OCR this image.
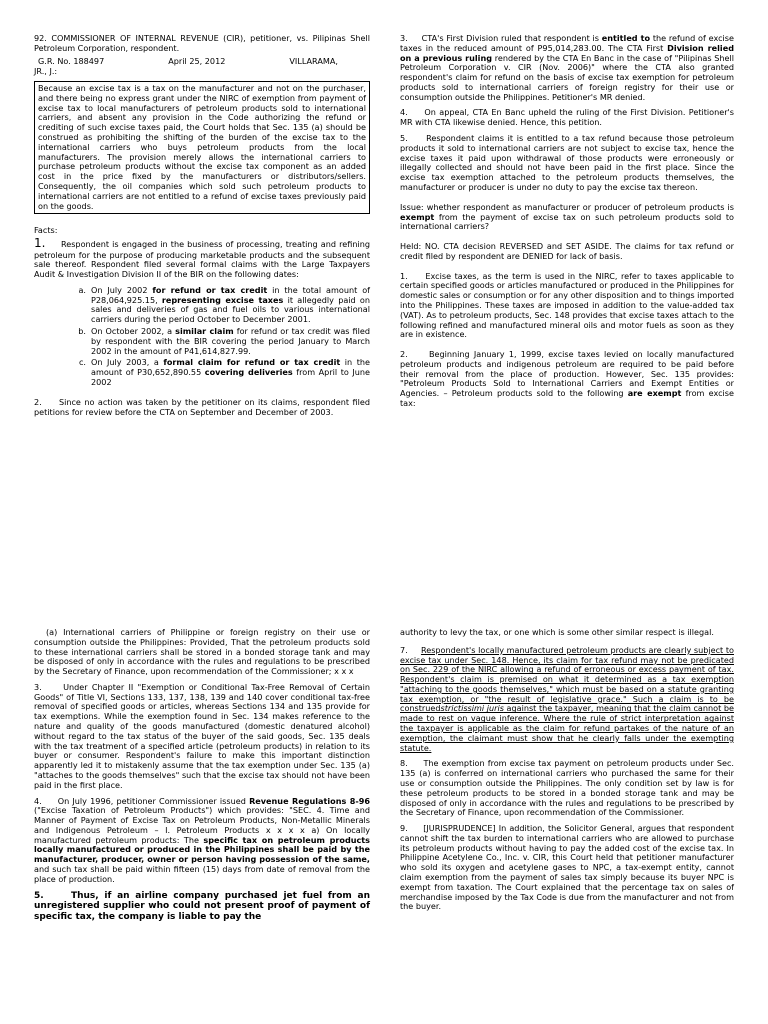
92. COMMISSIONER OF INTERNAL REVENUE (CIR), petitioner, vs. Pilipinas Shell Petroleum Corporation, respondent.

G.R. No. 188497	April 25, 2012	VILLARAMA,

JR., J.:

Because an excise tax is a tax on the manufacturer and not on the purchaser, and there being no express grant under the NIRC of exemption from payment of excise tax to local manufacturers of petroleum products sold to international carriers, and absent any provision in the Code authorizing the refund or crediting of such excise taxes paid, the Court holds that Sec. 135 (a) should be construed as prohibiting the shifting of the burden of the excise tax to the international carriers who buys petroleum products from the local manufacturers. The provision merely allows the international carriers to purchase petroleum products without the excise tax component as an added cost in the price fixed by the manufacturers or distributors/sellers. Consequently, the oil companies which sold such petroleum products to international carriers are not entitled to a refund of excise taxes previously paid on the goods.

Facts:

1. Respondent is engaged in the business of processing, treating and refining petroleum for the purpose of producing marketable products and the subsequent sale thereof. Respondent filed several formal claims with the Large Taxpayers Audit & Investigation Division II of the BIR on the following dates:

a. On July 2002 for refund or tax credit in the total amount of P28,064,925.15, representing excise taxes it allegedly paid on sales and deliveries of gas and fuel oils to various international carriers during the period October to December 2001.
b. On October 2002, a similar claim for refund or tax credit was filed by respondent with the BIR covering the period January to March 2002 in the amount of P41,614,827.99.
c. On July 2003, a formal claim for refund or tax credit in the amount of P30,652,890.55 covering deliveries from April to June 2002

2. Since no action was taken by the petitioner on its claims, respondent filed petitions for review before the CTA on September and December of 2003.

3. CTA's First Division ruled that respondent is entitled to the refund of excise taxes in the reduced amount of P95,014,283.00. The CTA First Division relied on a previous ruling rendered by the CTA En Banc in the case of "Pilipinas Shell Petroleum Corporation v. CIR (Nov. 2006)" where the CTA also granted respondent's claim for refund on the basis of excise tax exemption for petroleum products sold to international carriers of foreign registry for their use or consumption outside the Philippines. Petitioner's MR denied.

4. On appeal, CTA En Banc upheld the ruling of the First Division. Petitioner's MR with CTA likewise denied. Hence, this petition.

5. Respondent claims it is entitled to a tax refund because those petroleum products it sold to international carriers are not subject to excise tax, hence the excise taxes it paid upon withdrawal of those products were erroneously or illegally collected and should not have been paid in the first place. Since the excise tax exemption attached to the petroleum products themselves, the manufacturer or producer is under no duty to pay the excise tax thereon.

Issue: whether respondent as manufacturer or producer of petroleum products is exempt from the payment of excise tax on such petroleum products sold to international carriers?

Held: NO. CTA decision REVERSED and SET ASIDE. The claims for tax refund or credit filed by respondent are DENIED for lack of basis.

1. Excise taxes, as the term is used in the NIRC, refer to taxes applicable to certain specified goods or articles manufactured or produced in the Philippines for domestic sales or consumption or for any other disposition and to things imported into the Philippines. These taxes are imposed in addition to the value-added tax (VAT). As to petroleum products, Sec. 148 provides that excise taxes attach to the following refined and manufactured mineral oils and motor fuels as soon as they are in existence.

2.	Beginning January 1, 1999, excise taxes levied on locally manufactured petroleum products and indigenous petroleum are required to be paid before their removal from the place of production. However, Sec. 135 provides: "Petroleum Products Sold to International Carriers and Exempt Entities or Agencies. – Petroleum products sold to the following are exempt from excise tax:

(a) International carriers of Philippine or foreign registry on their use or consumption outside the Philippines: Provided, That the petroleum products sold to these international carriers shall be stored in a bonded storage tank and may be disposed of only in accordance with the rules and regulations to be prescribed by the Secretary of Finance, upon recommendation of the Commissioner; x x x

3.	Under Chapter II "Exemption or Conditional Tax-Free Removal of Certain Goods" of Title VI, Sections 133, 137, 138, 139 and 140 cover conditional tax-free removal of specified goods or articles, whereas Sections 134 and 135 provide for tax exemptions. While the exemption found in Sec. 134 makes reference to the nature and quality of the goods manufactured (domestic denatured alcohol) without regard to the tax status of the buyer of the said goods, Sec. 135 deals with the tax treatment of a specified article (petroleum products) in relation to its buyer or consumer. Respondent's failure to make this important distinction apparently led it to mistakenly assume that the tax exemption under Sec. 135 (a) "attaches to the goods themselves" such that the excise tax should not have been paid in the first place.

4. On July 1996, petitioner Commissioner issued Revenue Regulations 8-96 ("Excise Taxation of Petroleum Products") which provides: "SEC. 4. Time and Manner of Payment of Excise Tax on Petroleum Products, Non-Metallic Minerals and Indigenous Petroleum – I. Petroleum Products x x x x a) On locally manufactured petroleum products: The specific tax on petroleum products locally manufactured or produced in the Philippines shall be paid by the manufacturer, producer, owner or person having possession of the same, and such tax shall be paid within fifteen (15) days from date of removal from the place of production.

5.	Thus, if an airline company purchased jet fuel from an unregistered supplier who could not present proof of payment of specific tax, the company is liable to pay the

authority to levy the tax, or one which is some other similar respect is illegal.

7. Respondent's locally manufactured petroleum products are clearly subject to excise tax under Sec. 148. Hence, its claim for tax refund may not be predicated on Sec. 229 of the NIRC allowing a refund of erroneous or excess payment of tax. Respondent's claim is premised on what it determined as a tax exemption "attaching to the goods themselves," which must be based on a statute granting tax exemption, or "the result of legislative grace." Such a claim is to be construedstrictissimi juris against the taxpayer, meaning that the claim cannot be made to rest on vague inference. Where the rule of strict interpretation against the taxpayer is applicable as the claim for refund partakes of the nature of an exemption, the claimant must show that he clearly falls under the exempting statute.

8. The exemption from excise tax payment on petroleum products under Sec. 135 (a) is conferred on international carriers who purchased the same for their use or consumption outside the Philippines. The only condition set by law is for these petroleum products to be stored in a bonded storage tank and may be disposed of only in accordance with the rules and regulations to be prescribed by the Secretary of Finance, upon recommendation of the Commissioner.

9. [JURISPRUDENCE] In addition, the Solicitor General, argues that respondent cannot shift the tax burden to international carriers who are allowed to purchase its petroleum products without having to pay the added cost of the excise tax. In Philippine Acetylene Co., Inc. v. CIR, this Court held that petitioner manufacturer who sold its oxygen and acetylene gases to NPC, a tax-exempt entity, cannot claim exemption from the payment of sales tax simply because its buyer NPC is exempt from taxation. The Court explained that the percentage tax on sales of merchandise imposed by the Tax Code is due from the manufacturer and not from the buyer.
